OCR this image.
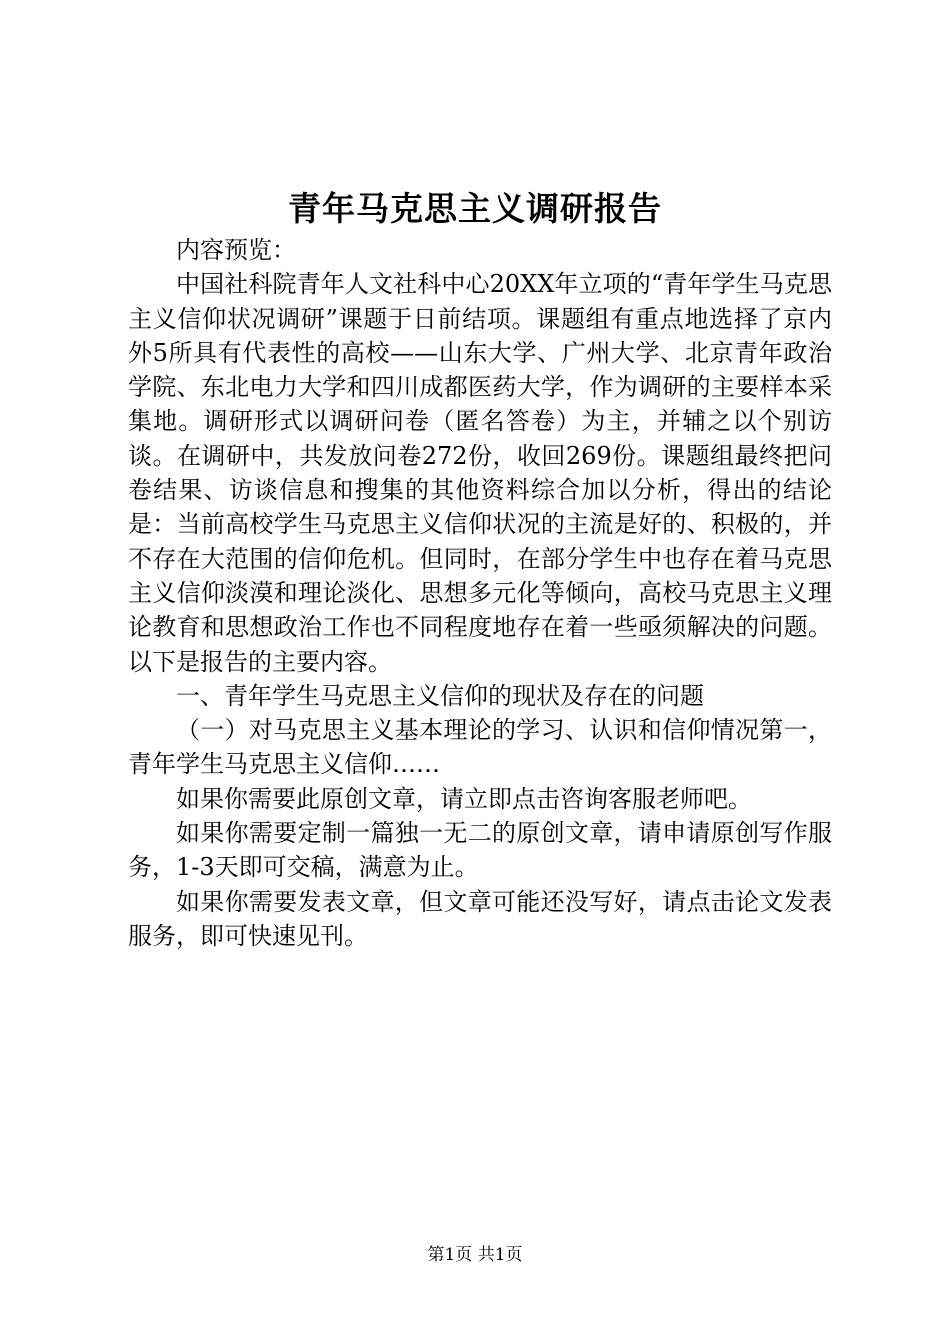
青年马克思主义调研报告

内容预览：

中国社科院青年人文社科中心20XX年立项的“青年学生马克思主义信仰状况调研”课题于日前结项。课题组有重点地选择了京内外5所具有代表性的高校——山东大学、广州大学、北京青年政治学院、东北电力大学和四川成都医药大学，作为调研的主要样本采集地。调研形式以调研问卷（匿名答卷）为主，并辅之以个别访谈。在调研中，共发放问卷272份，收回269份。课题组最终把问卷结果、访谈信息和搜集的其他资料综合加以分析，得出的结论是：当前高校学生马克思主义信仰状况的主流是好的、积极的，并不存在大范围的信仰危机。但同时，在部分学生中也存在着马克思主义信仰淡漠和理论淡化、思想多元化等倾向，高校马克思主义理论教育和思想政治工作也不同程度地存在着一些亟须解决的问题。以下是报告的主要内容。

一、青年学生马克思主义信仰的现状及存在的问题

（一）对马克思主义基本理论的学习、认识和信仰情况第一，青年学生马克思主义信仰……

如果你需要此原创文章，请立即点击咨询客服老师吧。

如果你需要定制一篇独一无二的原创文章，请申请原创写作服务，1-3天即可交稿，满意为止。

如果你需要发表文章，但文章可能还没写好，请点击论文发表服务，即可快速见刊。

第1页 共1页
